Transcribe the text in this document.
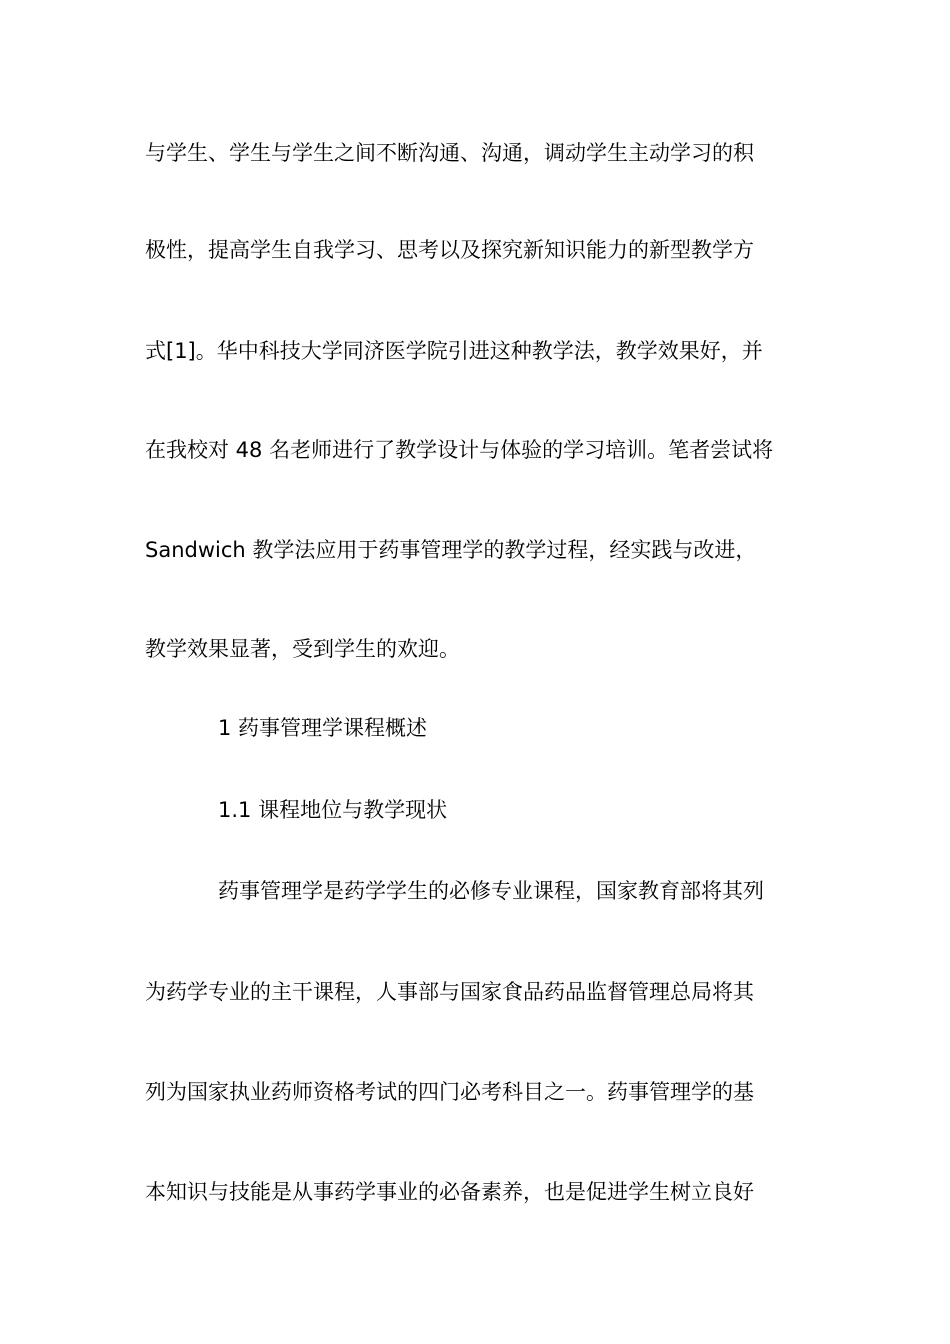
与学生、学生与学生之间不断沟通、沟通，调动学生主动学习的积
极性，提高学生自我学习、思考以及探究新知识能力的新型教学方
式[1]。华中科技大学同济医学院引进这种教学法，教学效果好，并
在我校对 48 名老师进行了教学设计与体验的学习培训。笔者尝试将
Sandwich 教学法应用于药事管理学的教学过程，经实践与改进，
教学效果显著，受到学生的欢迎。
1 药事管理学课程概述
1.1 课程地位与教学现状
药事管理学是药学学生的必修专业课程，国家教育部将其列
为药学专业的主干课程，人事部与国家食品药品监督管理总局将其
列为国家执业药师资格考试的四门必考科目之一。药事管理学的基
本知识与技能是从事药学事业的必备素养，也是促进学生树立良好
